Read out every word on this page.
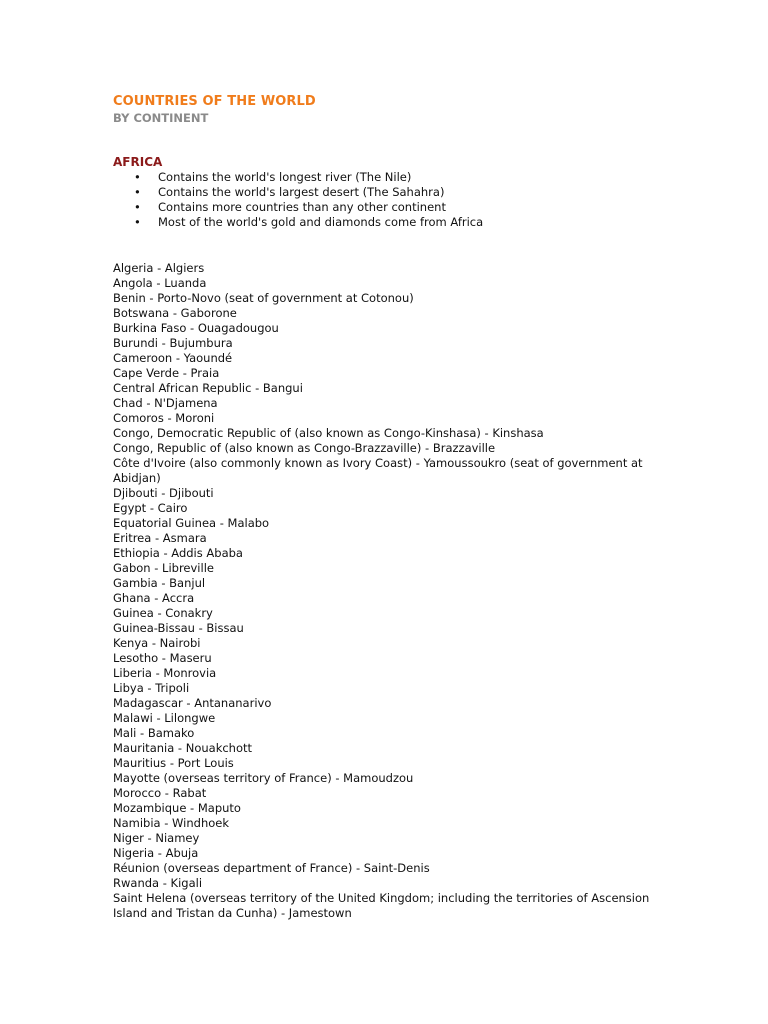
COUNTRIES OF THE WORLD
BY CONTINENT
AFRICA
• Contains the world's longest river (The Nile)
• Contains the world's largest desert (The Sahahra)
• Contains more countries than any other continent
• Most of the world's gold and diamonds come from Africa
Algeria - Algiers
Angola - Luanda
Benin - Porto-Novo (seat of government at Cotonou)
Botswana - Gaborone
Burkina Faso - Ouagadougou
Burundi - Bujumbura
Cameroon - Yaoundé
Cape Verde - Praia
Central African Republic - Bangui
Chad - N'Djamena
Comoros - Moroni
Congo, Democratic Republic of (also known as Congo-Kinshasa) - Kinshasa
Congo, Republic of (also known as Congo-Brazzaville) - Brazzaville
Côte d'Ivoire (also commonly known as Ivory Coast) - Yamoussoukro (seat of government at Abidjan)
Djibouti - Djibouti
Egypt - Cairo
Equatorial Guinea - Malabo
Eritrea - Asmara
Ethiopia - Addis Ababa
Gabon - Libreville
Gambia - Banjul
Ghana - Accra
Guinea - Conakry
Guinea-Bissau - Bissau
Kenya - Nairobi
Lesotho - Maseru
Liberia - Monrovia
Libya - Tripoli
Madagascar - Antananarivo
Malawi - Lilongwe
Mali - Bamako
Mauritania - Nouakchott
Mauritius - Port Louis
Mayotte (overseas territory of France) - Mamoudzou
Morocco - Rabat
Mozambique - Maputo
Namibia - Windhoek
Niger - Niamey
Nigeria - Abuja
Réunion (overseas department of France) - Saint-Denis
Rwanda - Kigali
Saint Helena (overseas territory of the United Kingdom; including the territories of Ascension Island and Tristan da Cunha) - Jamestown
